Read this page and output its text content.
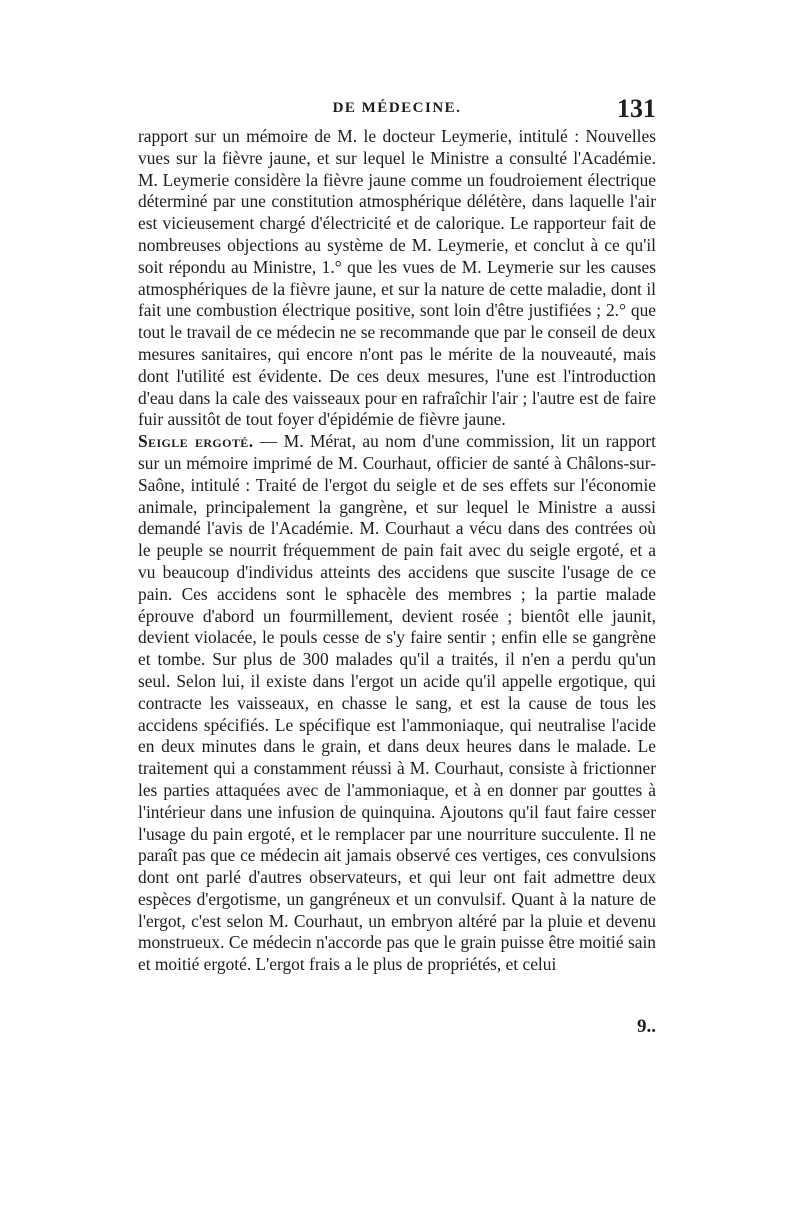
DE MÉDECINE.	131

rapport sur un mémoire de M. le docteur Leymerie, intitulé : Nouvelles vues sur la fièvre jaune, et sur lequel le Ministre a consulté l'Académie. M. Leymerie considère la fièvre jaune comme un foudroiement électrique déterminé par une constitution atmosphérique délétère, dans laquelle l'air est vicieusement chargé d'électricité et de calorique. Le rapporteur fait de nombreuses objections au système de M. Leymerie, et conclut à ce qu'il soit répondu au Ministre, 1.° que les vues de M. Leymerie sur les causes atmosphériques de la fièvre jaune, et sur la nature de cette maladie, dont il fait une combustion électrique positive, sont loin d'être justifiées ; 2.° que tout le travail de ce médecin ne se recommande que par le conseil de deux mesures sanitaires, qui encore n'ont pas le mérite de la nouveauté, mais dont l'utilité est évidente. De ces deux mesures, l'une est l'introduction d'eau dans la cale des vaisseaux pour en rafraîchir l'air ; l'autre est de faire fuir aussitôt de tout foyer d'épidémie de fièvre jaune.

Seigle ergoté. — M. Mérat, au nom d'une commission, lit un rapport sur un mémoire imprimé de M. Courhaut, officier de santé à Châlons-sur-Saône, intitulé : Traité de l'ergot du seigle et de ses effets sur l'économie animale, principalement la gangrène, et sur lequel le Ministre a aussi demandé l'avis de l'Académie. M. Courhaut a vécu dans des contrées où le peuple se nourrit fréquemment de pain fait avec du seigle ergoté, et a vu beaucoup d'individus atteints des accidens que suscite l'usage de ce pain. Ces accidens sont le sphacèle des membres ; la partie malade éprouve d'abord un fourmillement, devient rosée ; bientôt elle jaunit, devient violacée, le pouls cesse de s'y faire sentir ; enfin elle se gangrène et tombe. Sur plus de 300 malades qu'il a traités, il n'en a perdu qu'un seul. Selon lui, il existe dans l'ergot un acide qu'il appelle ergotique, qui contracte les vaisseaux, en chasse le sang, et est la cause de tous les accidens spécifiés. Le spécifique est l'ammoniaque, qui neutralise l'acide en deux minutes dans le grain, et dans deux heures dans le malade. Le traitement qui a constamment réussi à M. Courhaut, consiste à frictionner les parties attaquées avec de l'ammoniaque, et à en donner par gouttes à l'intérieur dans une infusion de quinquina. Ajoutons qu'il faut faire cesser l'usage du pain ergoté, et le remplacer par une nourriture succulente. Il ne paraît pas que ce médecin ait jamais observé ces vertiges, ces convulsions dont ont parlé d'autres observateurs, et qui leur ont fait admettre deux espèces d'ergotisme, un gangréneux et un convulsif. Quant à la nature de l'ergot, c'est selon M. Courhaut, un embryon altéré par la pluie et devenu monstrueux. Ce médecin n'accorde pas que le grain puisse être moitié sain et moitié ergoté. L'ergot frais a le plus de propriétés, et celui

9..
